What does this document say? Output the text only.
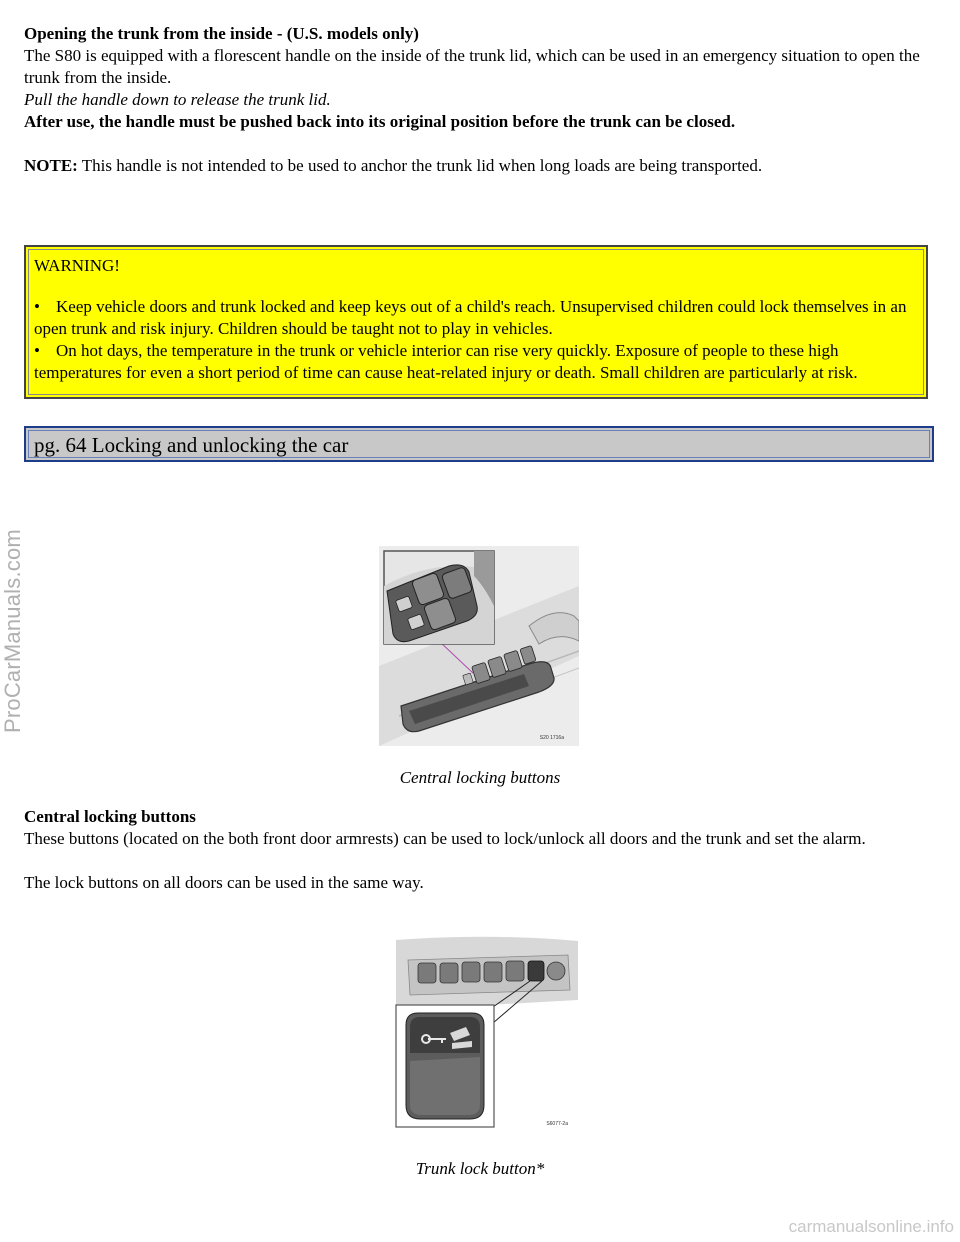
Opening the trunk from the inside - (U.S. models only)

The S80 is equipped with a florescent handle on the inside of the trunk lid, which can be used in an emergency situation to open the trunk from the inside.

Pull the handle down to release the trunk lid.

After use, the handle must be pushed back into its original position before the trunk can be closed.

NOTE: This handle is not intended to be used to anchor the trunk lid when long loads are being transported.

WARNING!

• Keep vehicle doors and trunk locked and keep keys out of a child's reach. Unsupervised children could lock themselves in an open trunk and risk injury. Children should be taught not to play in vehicles.
• On hot days, the temperature in the trunk or vehicle interior can rise very quickly. Exposure of people to these high temperatures for even a short period of time can cause heat-related injury or death. Small children are particularly at risk.
pg. 64 Locking and unlocking the car
S20 1716a

Central locking buttons

Central locking buttons

These buttons (located on the both front door armrests) can be used to lock/unlock all doors and the trunk and set the alarm.

The lock buttons on all doors can be used in the same way.

S6077-2a

Trunk lock button*

ProCarManuals.com
carmanualsonline.info
